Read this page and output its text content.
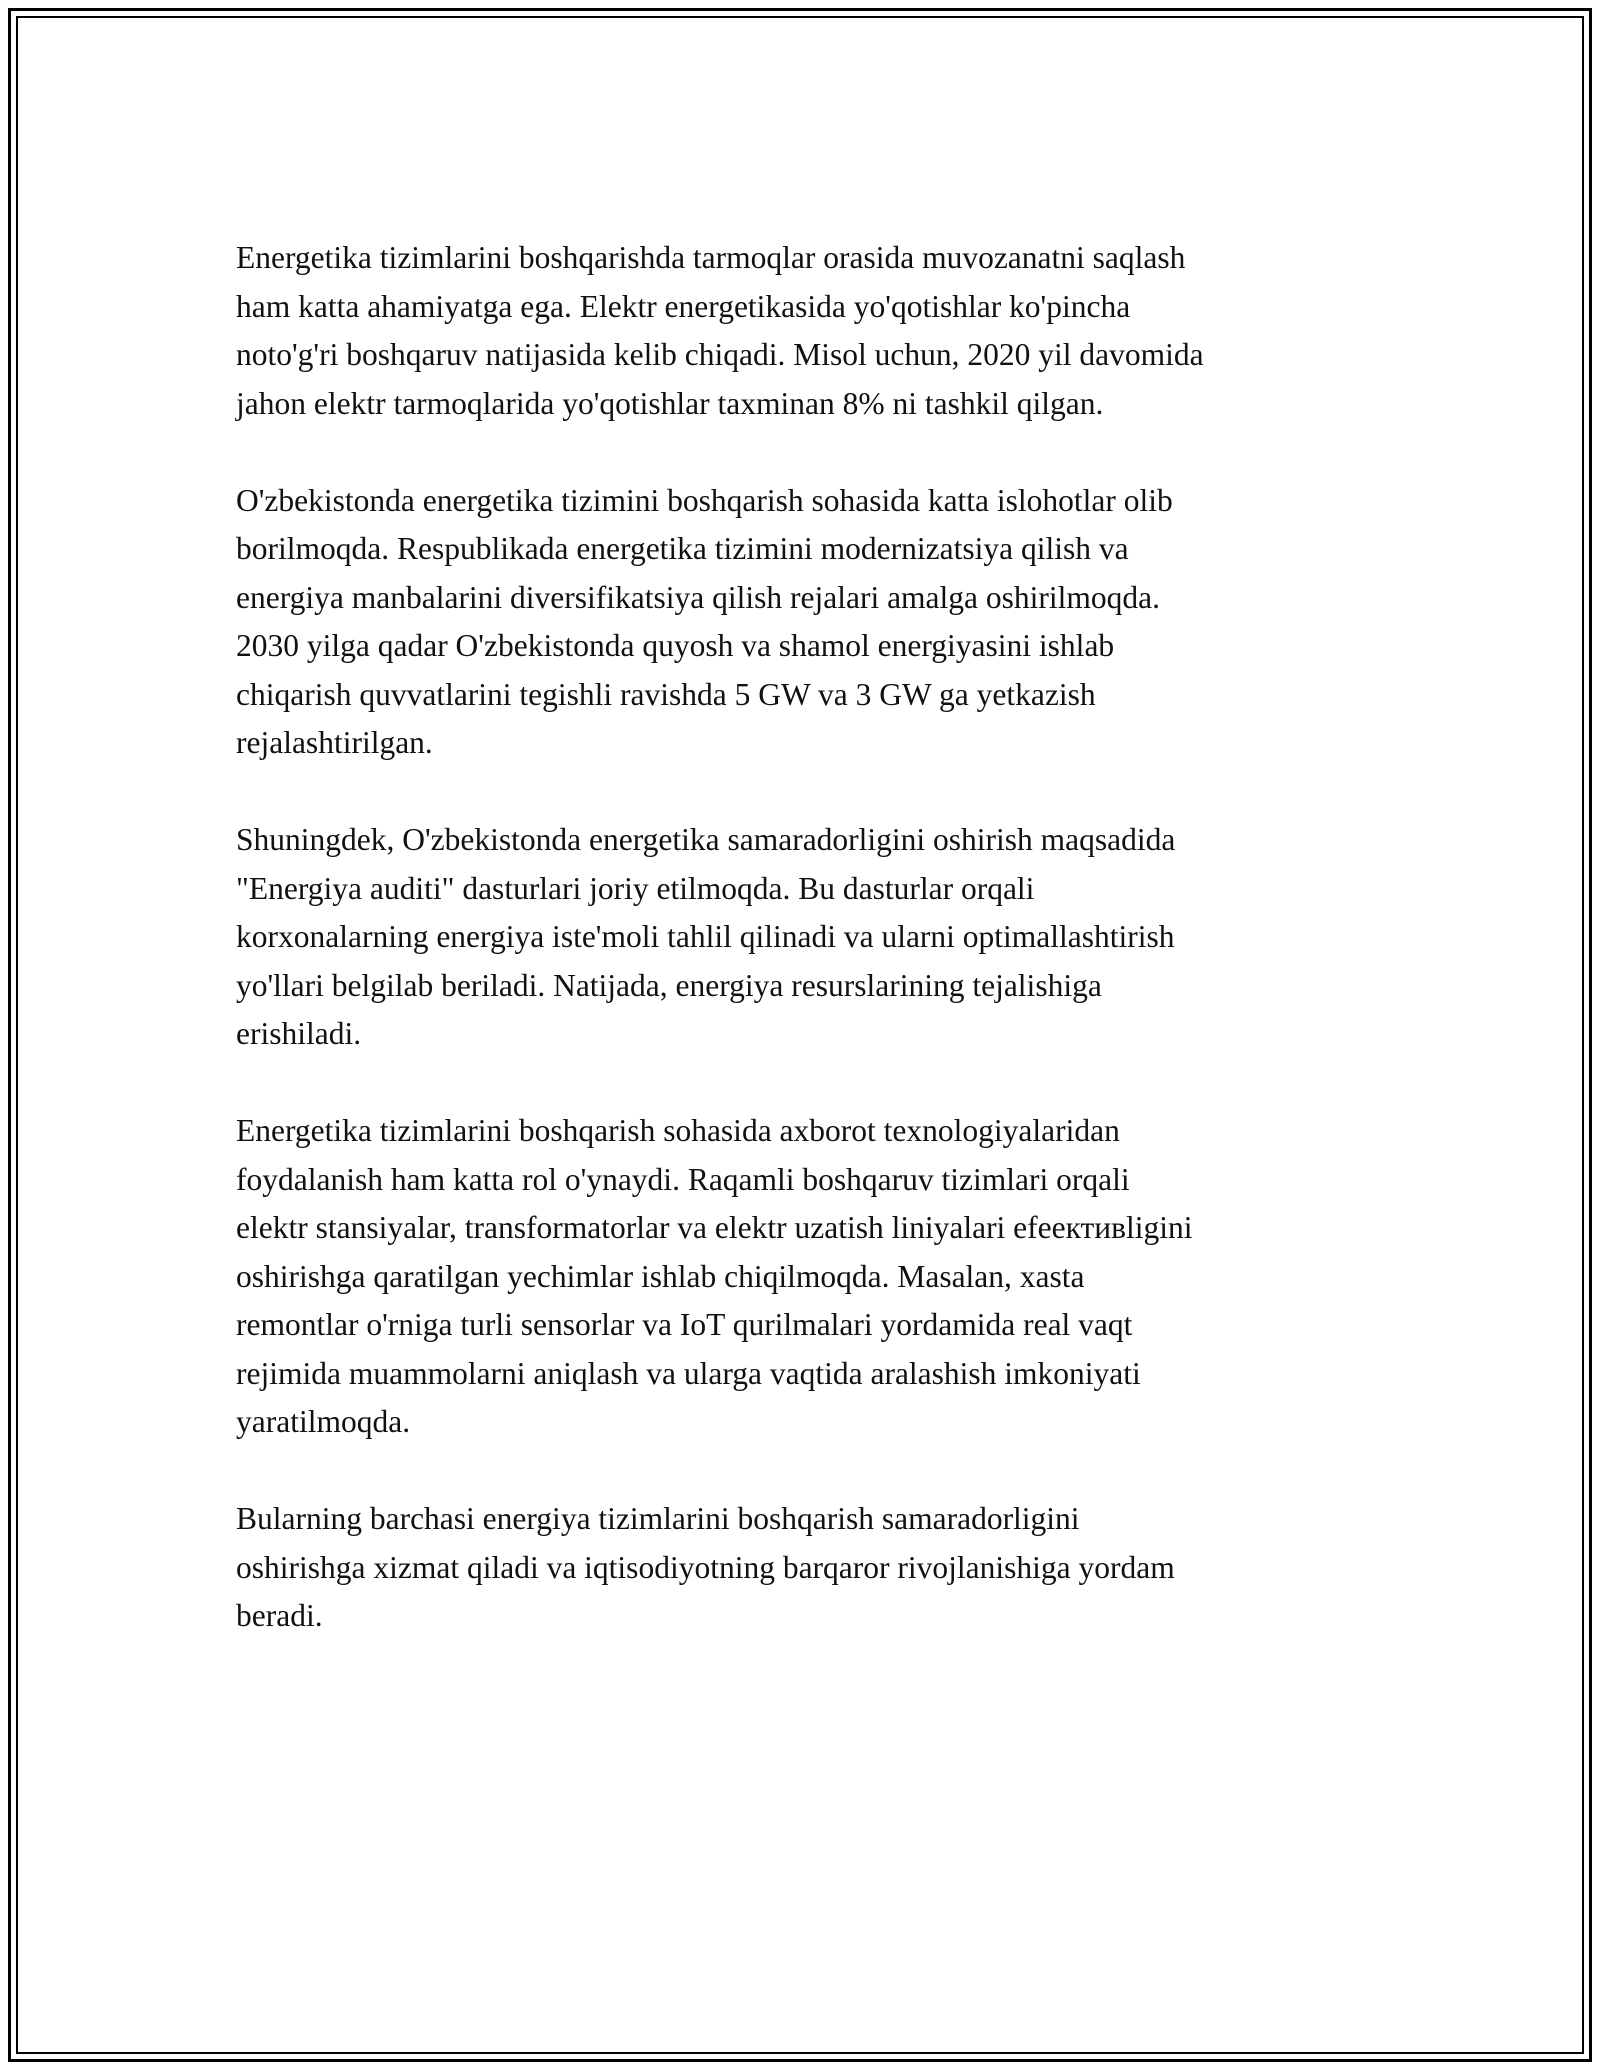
Energetika tizimlarini boshqarishda tarmoqlar orasida muvozanatni saqlash
ham katta ahamiyatga ega. Elektr energetikasida yo'qotishlar ko'pincha
noto'g'ri boshqaruv natijasida kelib chiqadi. Misol uchun, 2020 yil davomida
jahon elektr tarmoqlarida yo'qotishlar taxminan 8% ni tashkil qilgan.

O'zbekistonda energetika tizimini boshqarish sohasida katta islohotlar olib
borilmoqda. Respublikada energetika tizimini modernizatsiya qilish va
energiya manbalarini diversifikatsiya qilish rejalari amalga oshirilmoqda.
2030 yilga qadar O'zbekistonda quyosh va shamol energiyasini ishlab
chiqarish quvvatlarini tegishli ravishda 5 GW va 3 GW ga yetkazish
rejalashtirilgan.

Shuningdek, O'zbekistonda energetika samaradorligini oshirish maqsadida
"Energiya auditi" dasturlari joriy etilmoqda. Bu dasturlar orqali
korxonalarning energiya iste'moli tahlil qilinadi va ularni optimallashtirish
yo'llari belgilab beriladi. Natijada, energiya resurslarining tejalishiga
erishiladi.

Energetika tizimlarini boshqarish sohasida axborot texnologiyalaridan
foydalanish ham katta rol o'ynaydi. Raqamli boshqaruv tizimlari orqali
elektr stansiyalar, transformatorlar va elektr uzatish liniyalari efeективligini
oshirishga qaratilgan yechimlar ishlab chiqilmoqda. Masalan, xasta
remontlar o'rniga turli sensorlar va IoT qurilmalari yordamida real vaqt
rejimida muammolarni aniqlash va ularga vaqtida aralashish imkoniyati
yaratilmoqda.

Bularning barchasi energiya tizimlarini boshqarish samaradorligini
oshirishga xizmat qiladi va iqtisodiyotning barqaror rivojlanishiga yordam
beradi.
